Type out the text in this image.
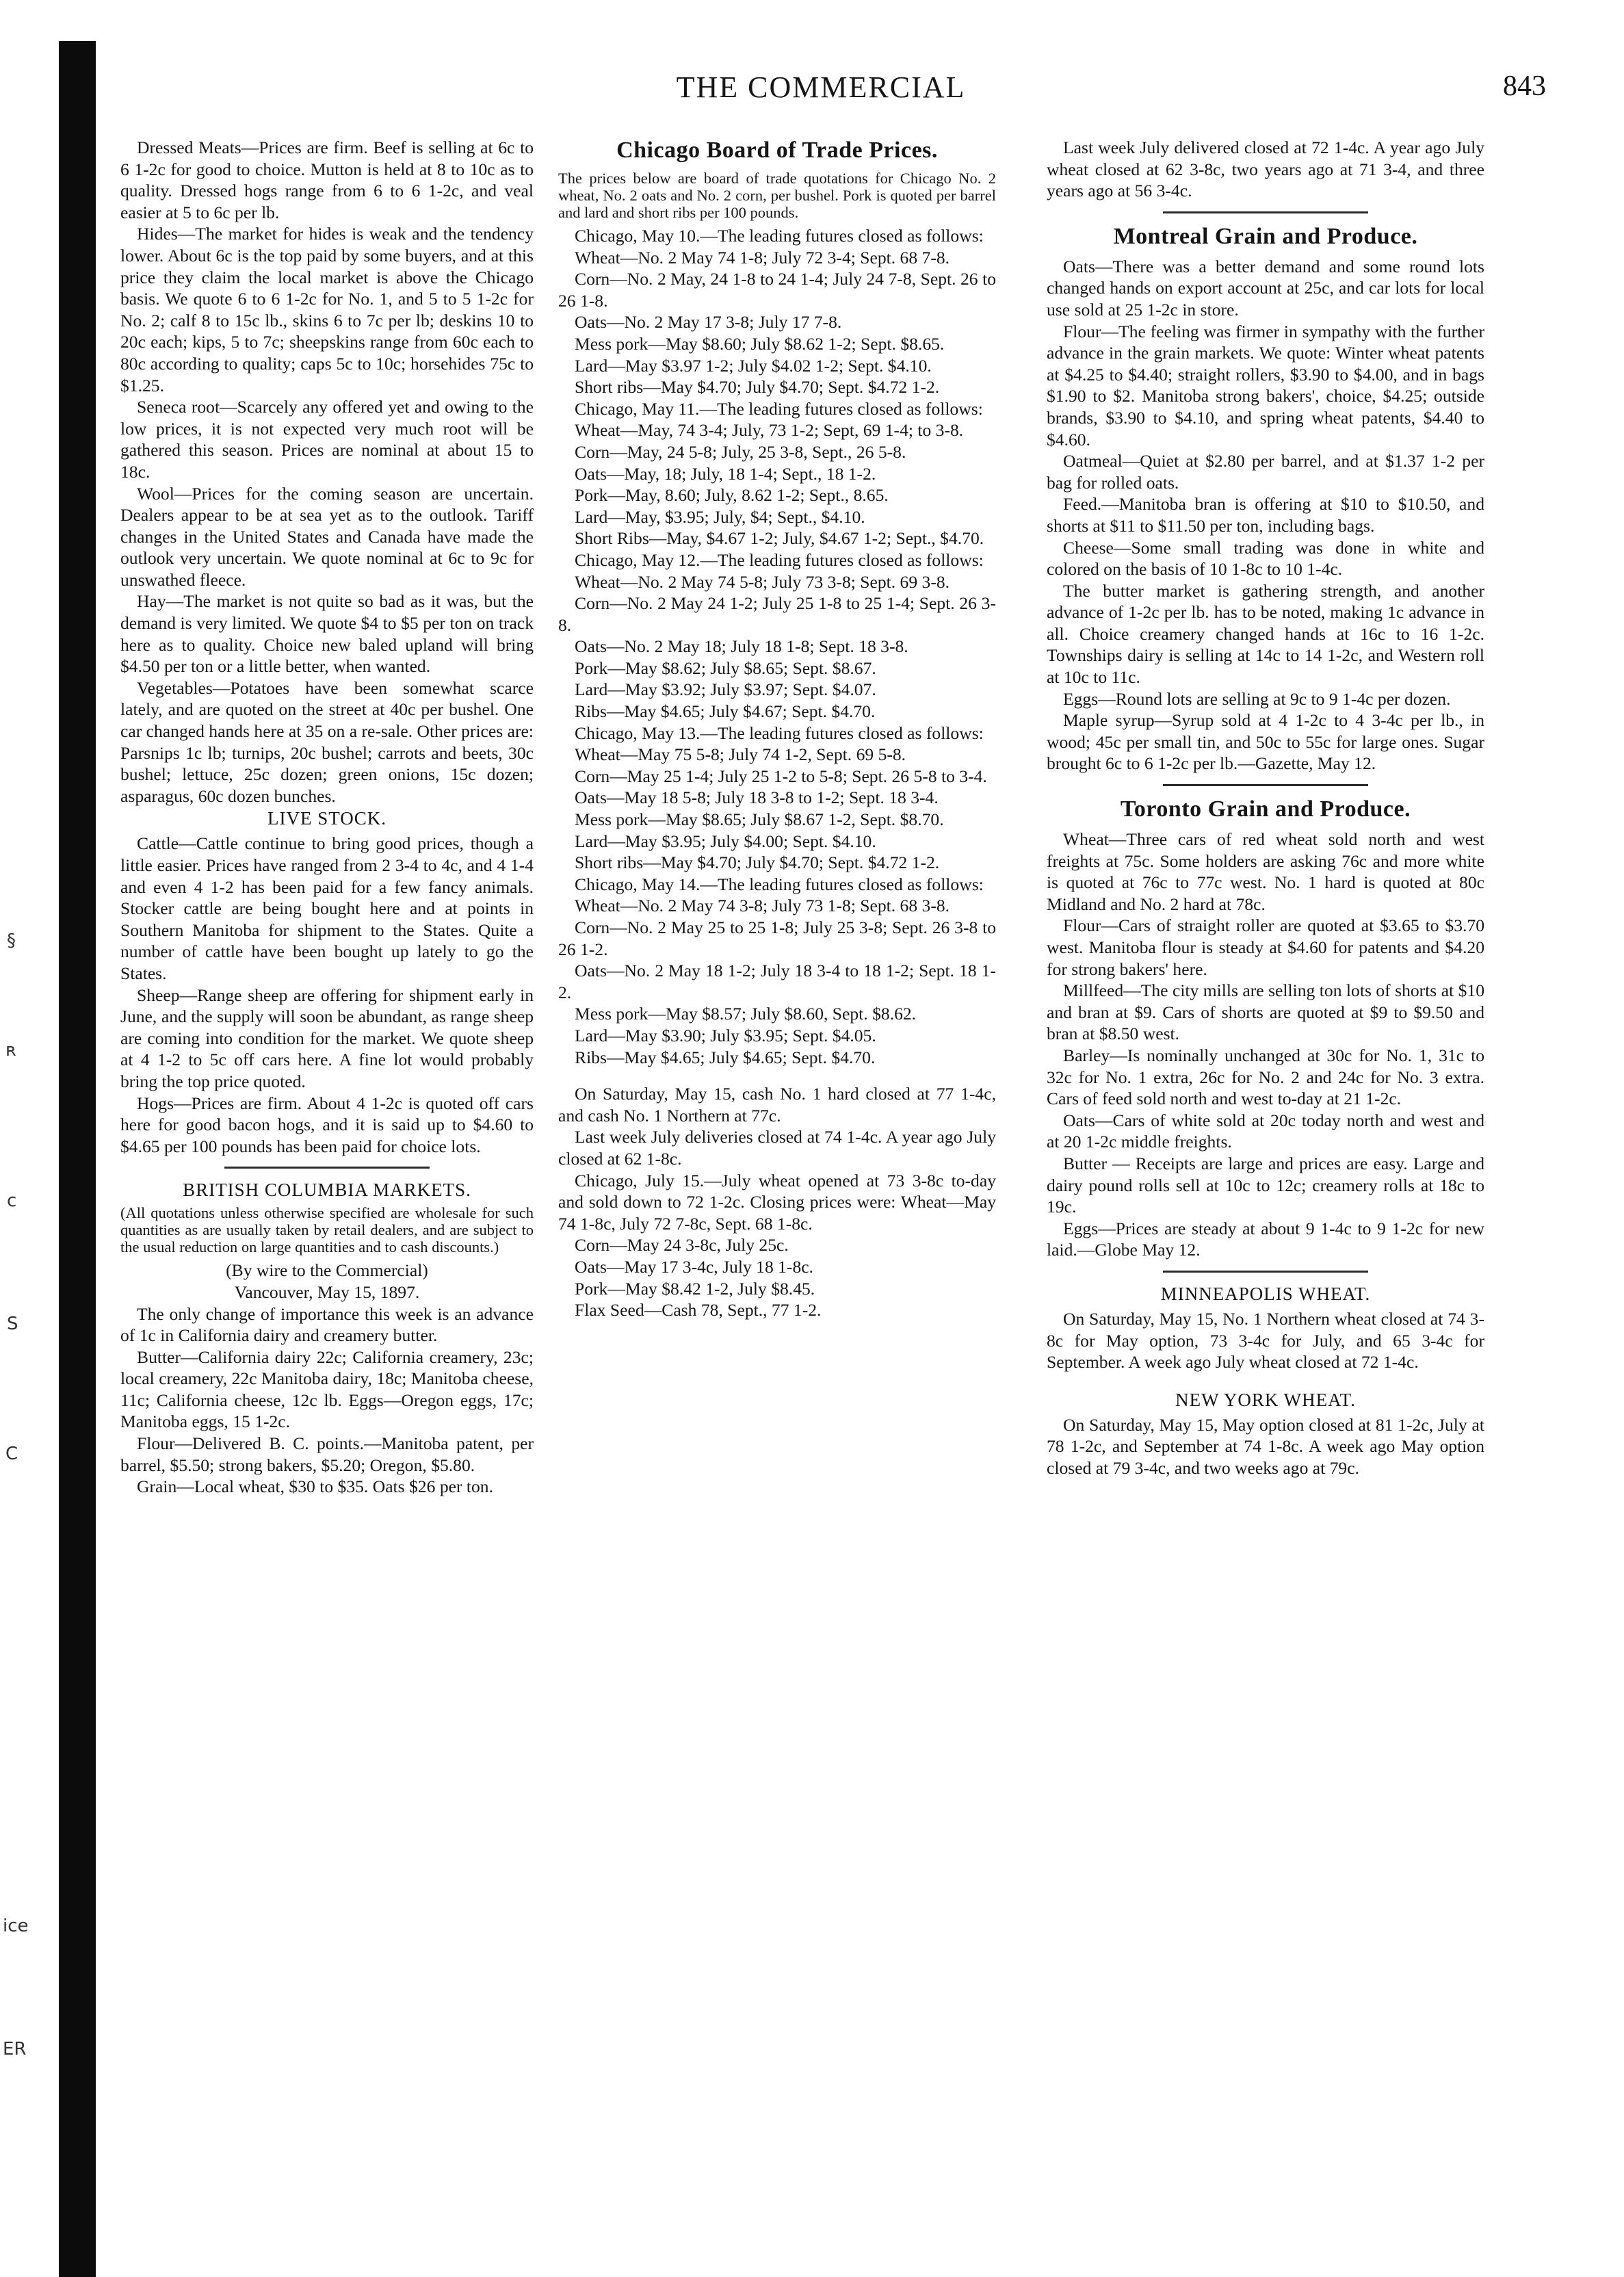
§
ʀ
ϲ
S
C
ice
ER
THE COMMERCIAL	843

Dressed Meats—Prices are firm. Beef is selling at 6c to 6 1-2c for good to choice. Mutton is held at 8 to 10c as to quality. Dressed hogs range from 6 to 6 1-2c, and veal easier at 5 to 6c per lb.

Hides—The market for hides is weak and the tendency lower. About 6c is the top paid by some buyers, and at this price they claim the local market is above the Chicago basis. We quote 6 to 6 1-2c for No. 1, and 5 to 5 1-2c for No. 2; calf 8 to 15c lb., skins 6 to 7c per lb; deskins 10 to 20c each; kips, 5 to 7c; sheepskins range from 60c each to 80c according to quality; caps 5c to 10c; horsehides 75c to $1.25.

Seneca root—Scarcely any offered yet and owing to the low prices, it is not expected very much root will be gathered this season. Prices are nominal at about 15 to 18c.

Wool—Prices for the coming season are uncertain. Dealers appear to be at sea yet as to the outlook. Tariff changes in the United States and Canada have made the outlook very uncertain. We quote nominal at 6c to 9c for unswathed fleece.

Hay—The market is not quite so bad as it was, but the demand is very limited. We quote $4 to $5 per ton on track here as to quality. Choice new baled upland will bring $4.50 per ton or a little better, when wanted.

Vegetables—Potatoes have been somewhat scarce lately, and are quoted on the street at 40c per bushel. One car changed hands here at 35 on a re-sale. Other prices are: Parsnips 1c lb; turnips, 20c bushel; carrots and beets, 30c bushel; lettuce, 25c dozen; green onions, 15c dozen; asparagus, 60c dozen bunches.

LIVE STOCK.

Cattle—Cattle continue to bring good prices, though a little easier. Prices have ranged from 2 3-4 to 4c, and 4 1-4 and even 4 1-2 has been paid for a few fancy animals. Stocker cattle are being bought here and at points in Southern Manitoba for shipment to the States. Quite a number of cattle have been bought up lately to go the States.

Sheep—Range sheep are offering for shipment early in June, and the supply will soon be abundant, as range sheep are coming into condition for the market. We quote sheep at 4 1-2 to 5c off cars here. A fine lot would probably bring the top price quoted.

Hogs—Prices are firm. About 4 1-2c is quoted off cars here for good bacon hogs, and it is said up to $4.60 to $4.65 per 100 pounds has been paid for choice lots.

BRITISH COLUMBIA MARKETS.

(All quotations unless otherwise specified are wholesale for such quantities as are usually taken by retail dealers, and are subject to the usual reduction on large quantities and to cash discounts.)

(By wire to the Commercial)

Vancouver, May 15, 1897.

The only change of importance this week is an advance of 1c in California dairy and creamery butter.

Butter—California dairy 22c; California creamery, 23c; local creamery, 22c Manitoba dairy, 18c; Manitoba cheese, 11c; California cheese, 12c lb. Eggs—Oregon eggs, 17c; Manitoba eggs, 15 1-2c.

Flour—Delivered B. C. points.—Manitoba patent, per barrel, $5.50; strong bakers, $5.20; Oregon, $5.80.

Grain—Local wheat, $30 to $35. Oats $26 per ton.

Chicago Board of Trade Prices.

The prices below are board of trade quotations for Chicago No. 2 wheat, No. 2 oats and No. 2 corn, per bushel. Pork is quoted per barrel and lard and short ribs per 100 pounds.

Chicago, May 10.—The leading futures closed as follows:

Wheat—No. 2 May 74 1-8; July 72 3-4; Sept. 68 7-8.

Corn—No. 2 May, 24 1-8 to 24 1-4; July 24 7-8, Sept. 26 to 26 1-8.

Oats—No. 2 May 17 3-8; July 17 7-8.

Mess pork—May $8.60; July $8.62 1-2; Sept. $8.65.

Lard—May $3.97 1-2; July $4.02 1-2; Sept. $4.10.

Short ribs—May $4.70; July $4.70; Sept. $4.72 1-2.

Chicago, May 11.—The leading futures closed as follows:

Wheat—May, 74 3-4; July, 73 1-2; Sept, 69 1-4; to 3-8.

Corn—May, 24 5-8; July, 25 3-8, Sept., 26 5-8.

Oats—May, 18; July, 18 1-4; Sept., 18 1-2.

Pork—May, 8.60; July, 8.62 1-2; Sept., 8.65.

Lard—May, $3.95; July, $4; Sept., $4.10.

Short Ribs—May, $4.67 1-2; July, $4.67 1-2; Sept., $4.70.

Chicago, May 12.—The leading futures closed as follows:

Wheat—No. 2 May 74 5-8; July 73 3-8; Sept. 69 3-8.

Corn—No. 2 May 24 1-2; July 25 1-8 to 25 1-4; Sept. 26 3-8.

Oats—No. 2 May 18; July 18 1-8; Sept. 18 3-8.

Pork—May $8.62; July $8.65; Sept. $8.67.

Lard—May $3.92; July $3.97; Sept. $4.07.

Ribs—May $4.65; July $4.67; Sept. $4.70.

Chicago, May 13.—The leading futures closed as follows:

Wheat—May 75 5-8; July 74 1-2, Sept. 69 5-8.

Corn—May 25 1-4; July 25 1-2 to 5-8; Sept. 26 5-8 to 3-4.

Oats—May 18 5-8; July 18 3-8 to 1-2; Sept. 18 3-4.

Mess pork—May $8.65; July $8.67 1-2, Sept. $8.70.

Lard—May $3.95; July $4.00; Sept. $4.10.

Short ribs—May $4.70; July $4.70; Sept. $4.72 1-2.

Chicago, May 14.—The leading futures closed as follows:

Wheat—No. 2 May 74 3-8; July 73 1-8; Sept. 68 3-8.

Corn—No. 2 May 25 to 25 1-8; July 25 3-8; Sept. 26 3-8 to 26 1-2.

Oats—No. 2 May 18 1-2; July 18 3-4 to 18 1-2; Sept. 18 1-2.

Mess pork—May $8.57; July $8.60, Sept. $8.62.

Lard—May $3.90; July $3.95; Sept. $4.05.

Ribs—May $4.65; July $4.65; Sept. $4.70.

On Saturday, May 15, cash No. 1 hard closed at 77 1-4c, and cash No. 1 Northern at 77c.

Last week July deliveries closed at 74 1-4c. A year ago July closed at 62 1-8c.

Chicago, July 15.—July wheat opened at 73 3-8c to-day and sold down to 72 1-2c. Closing prices were: Wheat—May 74 1-8c, July 72 7-8c, Sept. 68 1-8c.

Corn—May 24 3-8c, July 25c.

Oats—May 17 3-4c, July 18 1-8c.

Pork—May $8.42 1-2, July $8.45.

Flax Seed—Cash 78, Sept., 77 1-2.

Last week July delivered closed at 72 1-4c. A year ago July wheat closed at 62 3-8c, two years ago at 71 3-4, and three years ago at 56 3-4c.

Montreal Grain and Produce.

Oats—There was a better demand and some round lots changed hands on export account at 25c, and car lots for local use sold at 25 1-2c in store.

Flour—The feeling was firmer in sympathy with the further advance in the grain markets. We quote: Winter wheat patents at $4.25 to $4.40; straight rollers, $3.90 to $4.00, and in bags $1.90 to $2. Manitoba strong bakers', choice, $4.25; outside brands, $3.90 to $4.10, and spring wheat patents, $4.40 to $4.60.

Oatmeal—Quiet at $2.80 per barrel, and at $1.37 1-2 per bag for rolled oats.

Feed.—Manitoba bran is offering at $10 to $10.50, and shorts at $11 to $11.50 per ton, including bags.

Cheese—Some small trading was done in white and colored on the basis of 10 1-8c to 10 1-4c.

The butter market is gathering strength, and another advance of 1-2c per lb. has to be noted, making 1c advance in all. Choice creamery changed hands at 16c to 16 1-2c. Townships dairy is selling at 14c to 14 1-2c, and Western roll at 10c to 11c.

Eggs—Round lots are selling at 9c to 9 1-4c per dozen.

Maple syrup—Syrup sold at 4 1-2c to 4 3-4c per lb., in wood; 45c per small tin, and 50c to 55c for large ones. Sugar brought 6c to 6 1-2c per lb.—Gazette, May 12.

Toronto Grain and Produce.

Wheat—Three cars of red wheat sold north and west freights at 75c. Some holders are asking 76c and more white is quoted at 76c to 77c west. No. 1 hard is quoted at 80c Midland and No. 2 hard at 78c.

Flour—Cars of straight roller are quoted at $3.65 to $3.70 west. Manitoba flour is steady at $4.60 for patents and $4.20 for strong bakers' here.

Millfeed—The city mills are selling ton lots of shorts at $10 and bran at $9. Cars of shorts are quoted at $9 to $9.50 and bran at $8.50 west.

Barley—Is nominally unchanged at 30c for No. 1, 31c to 32c for No. 1 extra, 26c for No. 2 and 24c for No. 3 extra. Cars of feed sold north and west to-day at 21 1-2c.

Oats—Cars of white sold at 20c today north and west and at 20 1-2c middle freights.

Butter — Receipts are large and prices are easy. Large and dairy pound rolls sell at 10c to 12c; creamery rolls at 18c to 19c.

Eggs—Prices are steady at about 9 1-4c to 9 1-2c for new laid.—Globe May 12.

MINNEAPOLIS WHEAT.

On Saturday, May 15, No. 1 Northern wheat closed at 74 3-8c for May option, 73 3-4c for July, and 65 3-4c for September. A week ago July wheat closed at 72 1-4c.

NEW YORK WHEAT.

On Saturday, May 15, May option closed at 81 1-2c, July at 78 1-2c, and September at 74 1-8c. A week ago May option closed at 79 3-4c, and two weeks ago at 79c.
